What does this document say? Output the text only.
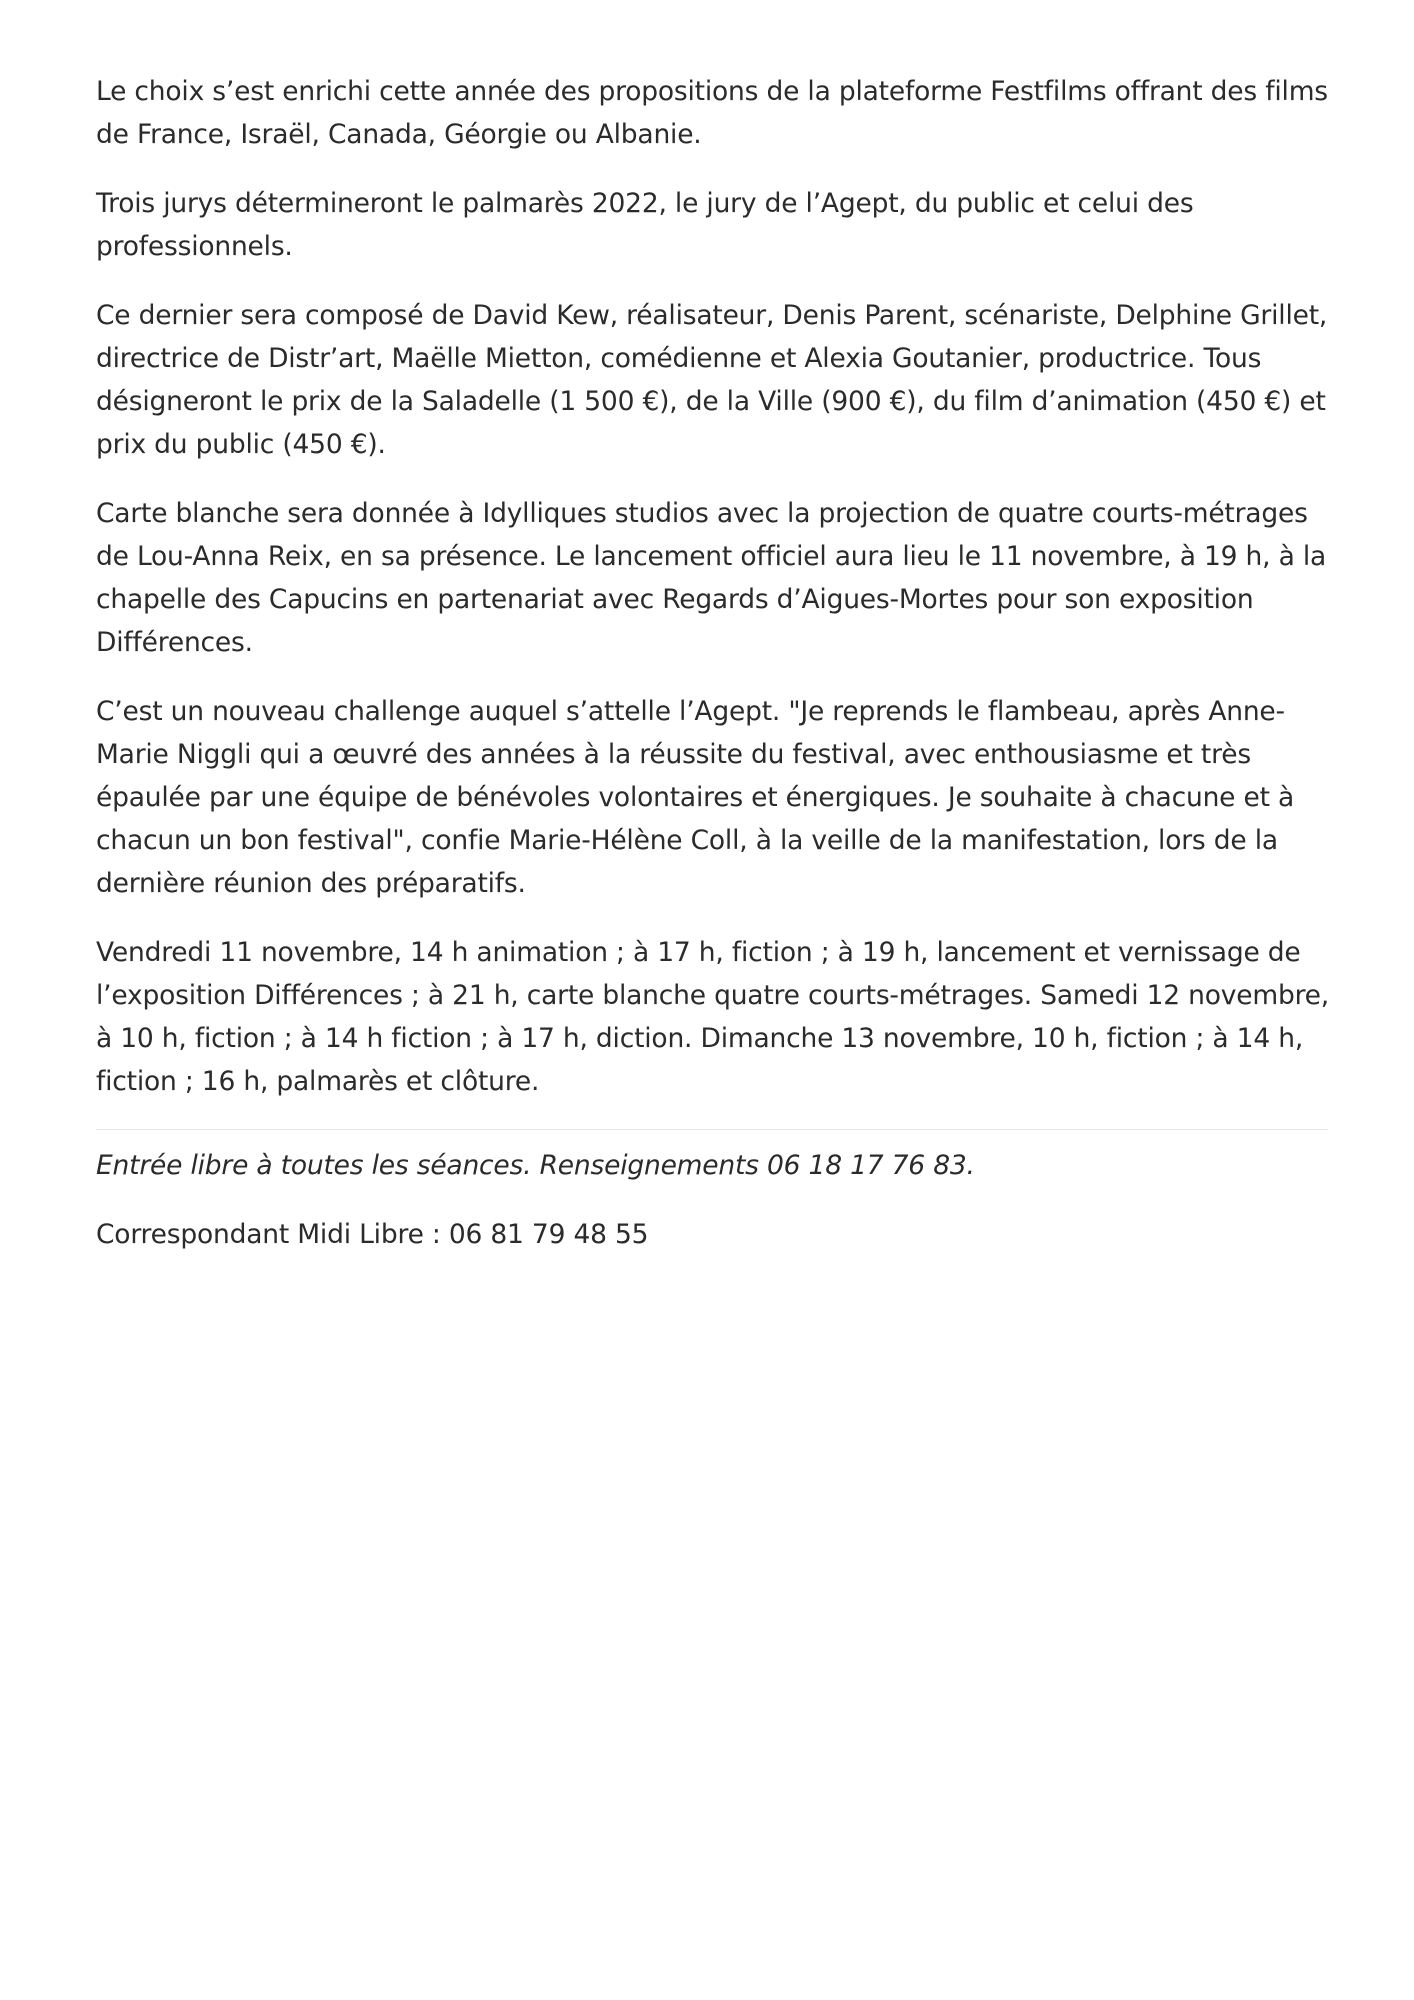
Le choix s’est enrichi cette année des propositions de la plateforme Festfilms offrant des films de France, Israël, Canada, Géorgie ou Albanie.

Trois jurys détermineront le palmarès 2022, le jury de l’Agept, du public et celui des professionnels.

Ce dernier sera composé de David Kew, réalisateur, Denis Parent, scénariste, Delphine Grillet, directrice de Distr’art, Maëlle Mietton, comédienne et Alexia Goutanier, productrice. Tous désigneront le prix de la Saladelle (1 500 €), de la Ville (900 €), du film d’animation (450 €) et prix du public (450 €).

Carte blanche sera donnée à Idylliques studios avec la projection de quatre courts-métrages de Lou-Anna Reix, en sa présence. Le lancement officiel aura lieu le 11 novembre, à 19 h, à la chapelle des Capucins en partenariat avec Regards d’Aigues-Mortes pour son exposition Différences.

C’est un nouveau challenge auquel s’attelle l’Agept. "Je reprends le flambeau, après Anne-Marie Niggli qui a œuvré des années à la réussite du festival, avec enthousiasme et très épaulée par une équipe de bénévoles volontaires et énergiques. Je souhaite à chacune et à chacun un bon festival", confie Marie-Hélène Coll, à la veille de la manifestation, lors de la dernière réunion des préparatifs.

Vendredi 11 novembre, 14 h animation ; à 17 h, fiction ; à 19 h, lancement et vernissage de l’exposition Différences ; à 21 h, carte blanche quatre courts-métrages. Samedi 12 novembre, à 10 h, fiction ; à 14 h fiction ; à 17 h, diction. Dimanche 13 novembre, 10 h, fiction ; à 14 h, fiction ; 16 h, palmarès et clôture.

Entrée libre à toutes les séances. Renseignements 06 18 17 76 83.

Correspondant Midi Libre : 06 81 79 48 55
